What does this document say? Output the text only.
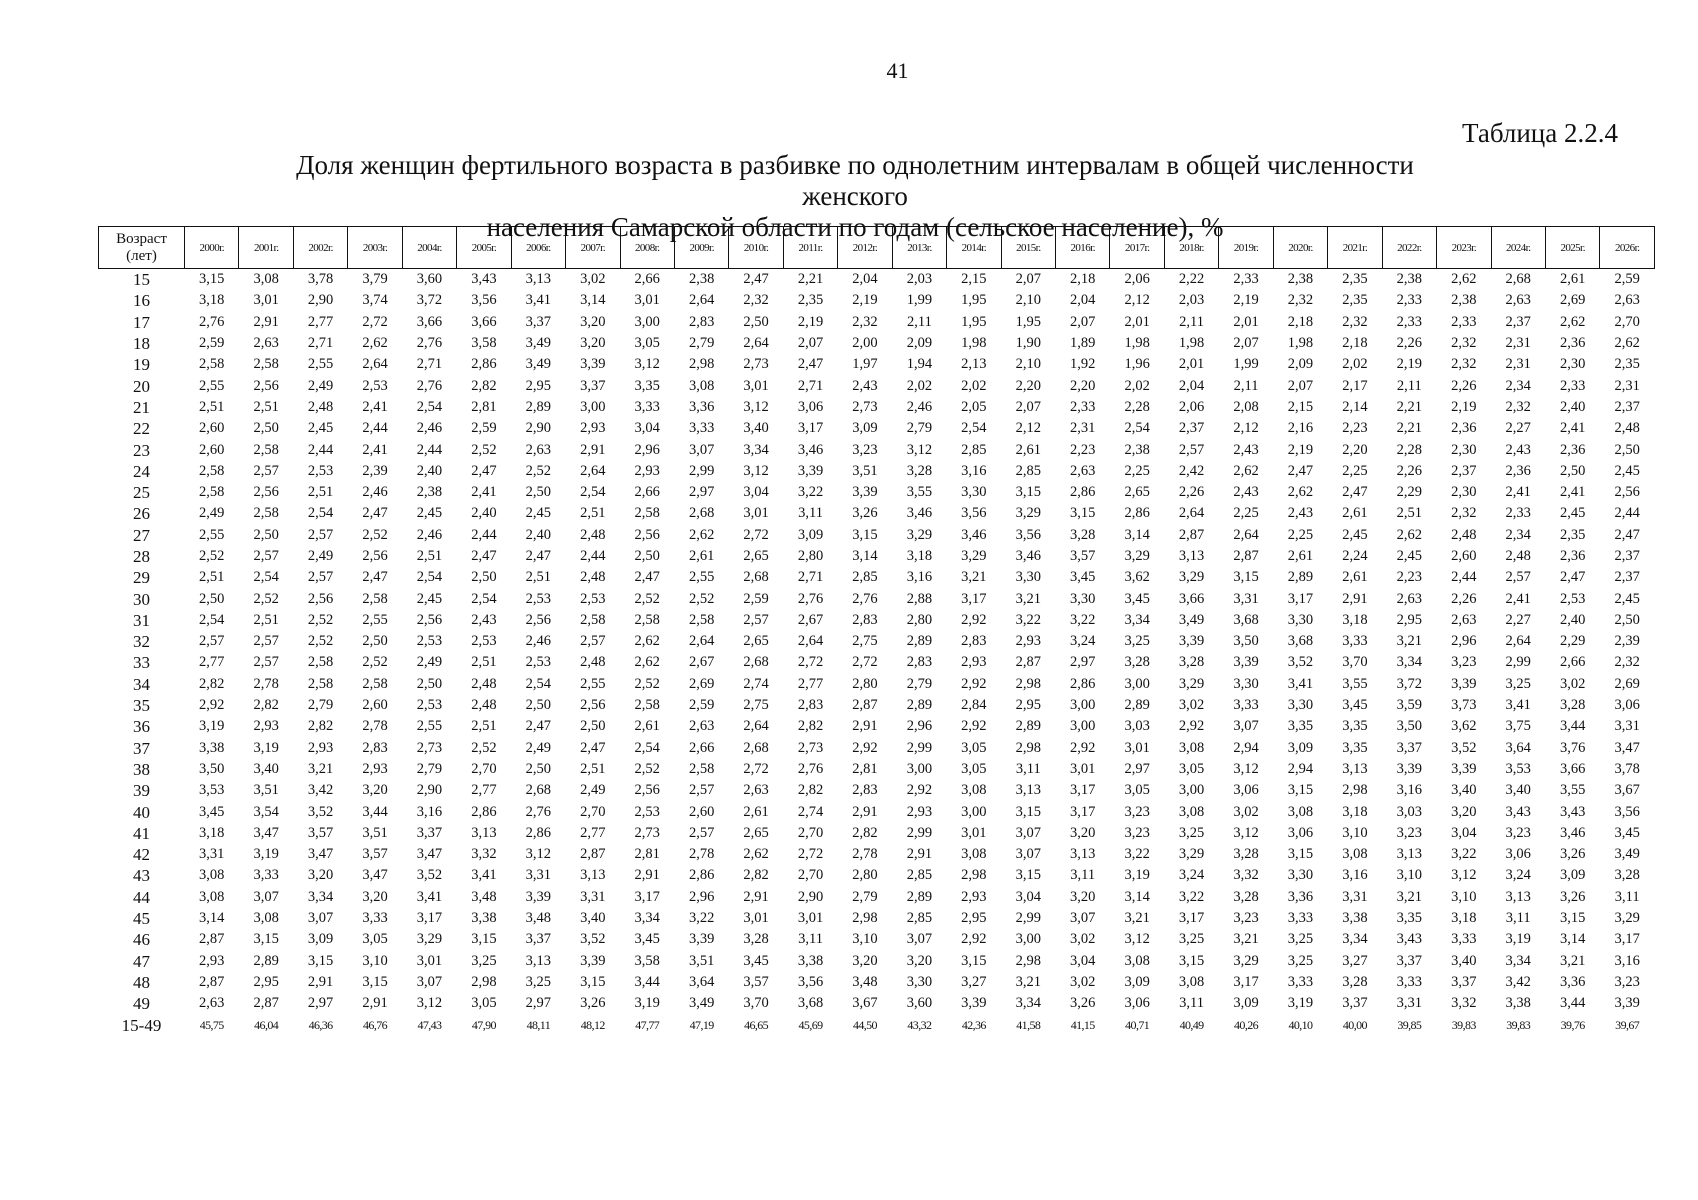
41
Таблица 2.2.4
Доля женщин фертильного возраста в разбивке по однолетним интервалам в общей численности женского
населения Самарской области по годам (сельское население), %
Возраст
(лет)	2000г.	2001г.	2002г.	2003г.	2004г.	2005г.	2006г.	2007г.	2008г.	2009г.	2010г.	2011г.	2012г.	2013г.	2014г.	2015г.	2016г.	2017г.	2018г.	2019г.	2020г.	2021г.	2022г.	2023г.	2024г.	2025г.	2026г.
15	3,15	3,08	3,78	3,79	3,60	3,43	3,13	3,02	2,66	2,38	2,47	2,21	2,04	2,03	2,15	2,07	2,18	2,06	2,22	2,33	2,38	2,35	2,38	2,62	2,68	2,61	2,59
16	3,18	3,01	2,90	3,74	3,72	3,56	3,41	3,14	3,01	2,64	2,32	2,35	2,19	1,99	1,95	2,10	2,04	2,12	2,03	2,19	2,32	2,35	2,33	2,38	2,63	2,69	2,63
17	2,76	2,91	2,77	2,72	3,66	3,66	3,37	3,20	3,00	2,83	2,50	2,19	2,32	2,11	1,95	1,95	2,07	2,01	2,11	2,01	2,18	2,32	2,33	2,33	2,37	2,62	2,70
18	2,59	2,63	2,71	2,62	2,76	3,58	3,49	3,20	3,05	2,79	2,64	2,07	2,00	2,09	1,98	1,90	1,89	1,98	1,98	2,07	1,98	2,18	2,26	2,32	2,31	2,36	2,62
19	2,58	2,58	2,55	2,64	2,71	2,86	3,49	3,39	3,12	2,98	2,73	2,47	1,97	1,94	2,13	2,10	1,92	1,96	2,01	1,99	2,09	2,02	2,19	2,32	2,31	2,30	2,35
20	2,55	2,56	2,49	2,53	2,76	2,82	2,95	3,37	3,35	3,08	3,01	2,71	2,43	2,02	2,02	2,20	2,20	2,02	2,04	2,11	2,07	2,17	2,11	2,26	2,34	2,33	2,31
21	2,51	2,51	2,48	2,41	2,54	2,81	2,89	3,00	3,33	3,36	3,12	3,06	2,73	2,46	2,05	2,07	2,33	2,28	2,06	2,08	2,15	2,14	2,21	2,19	2,32	2,40	2,37
22	2,60	2,50	2,45	2,44	2,46	2,59	2,90	2,93	3,04	3,33	3,40	3,17	3,09	2,79	2,54	2,12	2,31	2,54	2,37	2,12	2,16	2,23	2,21	2,36	2,27	2,41	2,48
23	2,60	2,58	2,44	2,41	2,44	2,52	2,63	2,91	2,96	3,07	3,34	3,46	3,23	3,12	2,85	2,61	2,23	2,38	2,57	2,43	2,19	2,20	2,28	2,30	2,43	2,36	2,50
24	2,58	2,57	2,53	2,39	2,40	2,47	2,52	2,64	2,93	2,99	3,12	3,39	3,51	3,28	3,16	2,85	2,63	2,25	2,42	2,62	2,47	2,25	2,26	2,37	2,36	2,50	2,45
25	2,58	2,56	2,51	2,46	2,38	2,41	2,50	2,54	2,66	2,97	3,04	3,22	3,39	3,55	3,30	3,15	2,86	2,65	2,26	2,43	2,62	2,47	2,29	2,30	2,41	2,41	2,56
26	2,49	2,58	2,54	2,47	2,45	2,40	2,45	2,51	2,58	2,68	3,01	3,11	3,26	3,46	3,56	3,29	3,15	2,86	2,64	2,25	2,43	2,61	2,51	2,32	2,33	2,45	2,44
27	2,55	2,50	2,57	2,52	2,46	2,44	2,40	2,48	2,56	2,62	2,72	3,09	3,15	3,29	3,46	3,56	3,28	3,14	2,87	2,64	2,25	2,45	2,62	2,48	2,34	2,35	2,47
28	2,52	2,57	2,49	2,56	2,51	2,47	2,47	2,44	2,50	2,61	2,65	2,80	3,14	3,18	3,29	3,46	3,57	3,29	3,13	2,87	2,61	2,24	2,45	2,60	2,48	2,36	2,37
29	2,51	2,54	2,57	2,47	2,54	2,50	2,51	2,48	2,47	2,55	2,68	2,71	2,85	3,16	3,21	3,30	3,45	3,62	3,29	3,15	2,89	2,61	2,23	2,44	2,57	2,47	2,37
30	2,50	2,52	2,56	2,58	2,45	2,54	2,53	2,53	2,52	2,52	2,59	2,76	2,76	2,88	3,17	3,21	3,30	3,45	3,66	3,31	3,17	2,91	2,63	2,26	2,41	2,53	2,45
31	2,54	2,51	2,52	2,55	2,56	2,43	2,56	2,58	2,58	2,58	2,57	2,67	2,83	2,80	2,92	3,22	3,22	3,34	3,49	3,68	3,30	3,18	2,95	2,63	2,27	2,40	2,50
32	2,57	2,57	2,52	2,50	2,53	2,53	2,46	2,57	2,62	2,64	2,65	2,64	2,75	2,89	2,83	2,93	3,24	3,25	3,39	3,50	3,68	3,33	3,21	2,96	2,64	2,29	2,39
33	2,77	2,57	2,58	2,52	2,49	2,51	2,53	2,48	2,62	2,67	2,68	2,72	2,72	2,83	2,93	2,87	2,97	3,28	3,28	3,39	3,52	3,70	3,34	3,23	2,99	2,66	2,32
34	2,82	2,78	2,58	2,58	2,50	2,48	2,54	2,55	2,52	2,69	2,74	2,77	2,80	2,79	2,92	2,98	2,86	3,00	3,29	3,30	3,41	3,55	3,72	3,39	3,25	3,02	2,69
35	2,92	2,82	2,79	2,60	2,53	2,48	2,50	2,56	2,58	2,59	2,75	2,83	2,87	2,89	2,84	2,95	3,00	2,89	3,02	3,33	3,30	3,45	3,59	3,73	3,41	3,28	3,06
36	3,19	2,93	2,82	2,78	2,55	2,51	2,47	2,50	2,61	2,63	2,64	2,82	2,91	2,96	2,92	2,89	3,00	3,03	2,92	3,07	3,35	3,35	3,50	3,62	3,75	3,44	3,31
37	3,38	3,19	2,93	2,83	2,73	2,52	2,49	2,47	2,54	2,66	2,68	2,73	2,92	2,99	3,05	2,98	2,92	3,01	3,08	2,94	3,09	3,35	3,37	3,52	3,64	3,76	3,47
38	3,50	3,40	3,21	2,93	2,79	2,70	2,50	2,51	2,52	2,58	2,72	2,76	2,81	3,00	3,05	3,11	3,01	2,97	3,05	3,12	2,94	3,13	3,39	3,39	3,53	3,66	3,78
39	3,53	3,51	3,42	3,20	2,90	2,77	2,68	2,49	2,56	2,57	2,63	2,82	2,83	2,92	3,08	3,13	3,17	3,05	3,00	3,06	3,15	2,98	3,16	3,40	3,40	3,55	3,67
40	3,45	3,54	3,52	3,44	3,16	2,86	2,76	2,70	2,53	2,60	2,61	2,74	2,91	2,93	3,00	3,15	3,17	3,23	3,08	3,02	3,08	3,18	3,03	3,20	3,43	3,43	3,56
41	3,18	3,47	3,57	3,51	3,37	3,13	2,86	2,77	2,73	2,57	2,65	2,70	2,82	2,99	3,01	3,07	3,20	3,23	3,25	3,12	3,06	3,10	3,23	3,04	3,23	3,46	3,45
42	3,31	3,19	3,47	3,57	3,47	3,32	3,12	2,87	2,81	2,78	2,62	2,72	2,78	2,91	3,08	3,07	3,13	3,22	3,29	3,28	3,15	3,08	3,13	3,22	3,06	3,26	3,49
43	3,08	3,33	3,20	3,47	3,52	3,41	3,31	3,13	2,91	2,86	2,82	2,70	2,80	2,85	2,98	3,15	3,11	3,19	3,24	3,32	3,30	3,16	3,10	3,12	3,24	3,09	3,28
44	3,08	3,07	3,34	3,20	3,41	3,48	3,39	3,31	3,17	2,96	2,91	2,90	2,79	2,89	2,93	3,04	3,20	3,14	3,22	3,28	3,36	3,31	3,21	3,10	3,13	3,26	3,11
45	3,14	3,08	3,07	3,33	3,17	3,38	3,48	3,40	3,34	3,22	3,01	3,01	2,98	2,85	2,95	2,99	3,07	3,21	3,17	3,23	3,33	3,38	3,35	3,18	3,11	3,15	3,29
46	2,87	3,15	3,09	3,05	3,29	3,15	3,37	3,52	3,45	3,39	3,28	3,11	3,10	3,07	2,92	3,00	3,02	3,12	3,25	3,21	3,25	3,34	3,43	3,33	3,19	3,14	3,17
47	2,93	2,89	3,15	3,10	3,01	3,25	3,13	3,39	3,58	3,51	3,45	3,38	3,20	3,20	3,15	2,98	3,04	3,08	3,15	3,29	3,25	3,27	3,37	3,40	3,34	3,21	3,16
48	2,87	2,95	2,91	3,15	3,07	2,98	3,25	3,15	3,44	3,64	3,57	3,56	3,48	3,30	3,27	3,21	3,02	3,09	3,08	3,17	3,33	3,28	3,33	3,37	3,42	3,36	3,23
49	2,63	2,87	2,97	2,91	3,12	3,05	2,97	3,26	3,19	3,49	3,70	3,68	3,67	3,60	3,39	3,34	3,26	3,06	3,11	3,09	3,19	3,37	3,31	3,32	3,38	3,44	3,39
15-49	45,75	46,04	46,36	46,76	47,43	47,90	48,11	48,12	47,77	47,19	46,65	45,69	44,50	43,32	42,36	41,58	41,15	40,71	40,49	40,26	40,10	40,00	39,85	39,83	39,83	39,76	39,67
